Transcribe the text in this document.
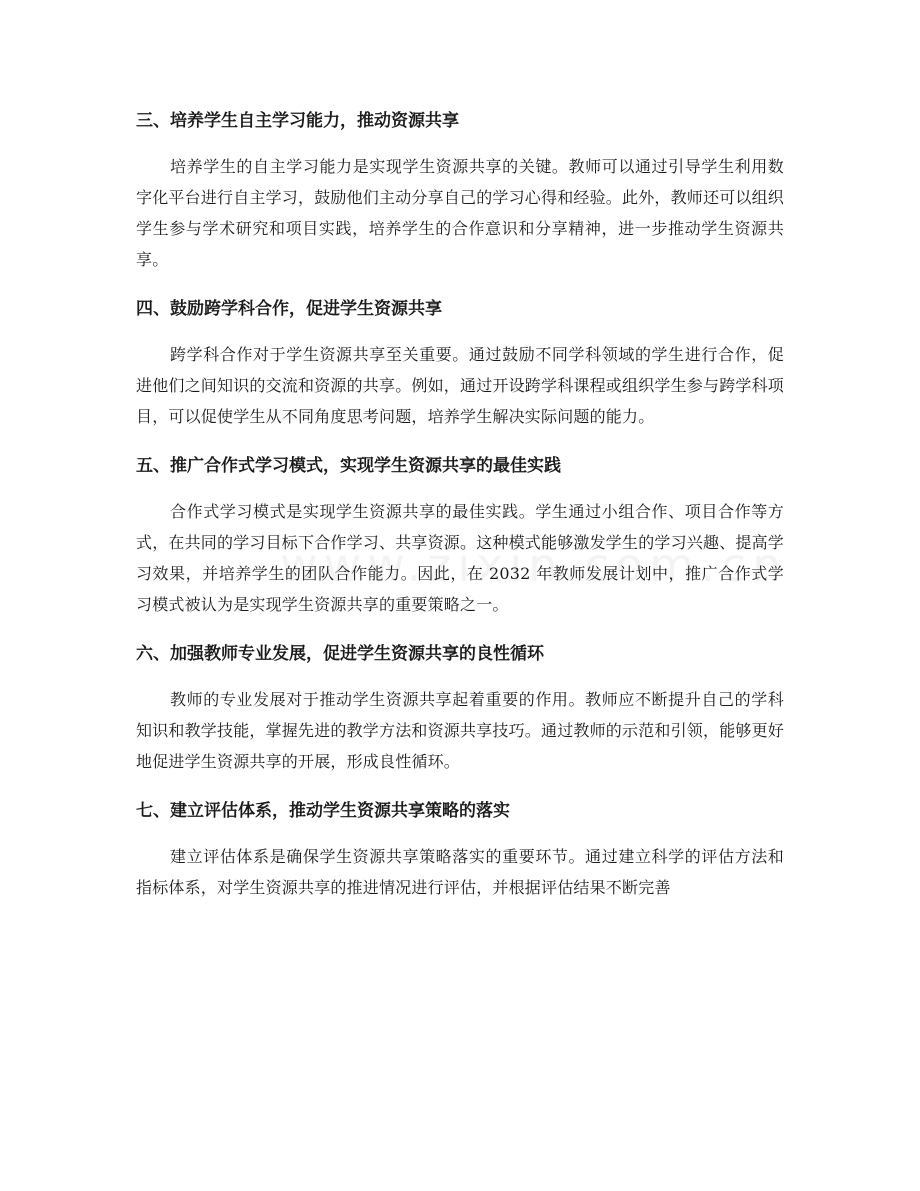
三、培养学生自主学习能力，推动资源共享

培养学生的自主学习能力是实现学生资源共享的关键。教师可以通过引导学生利用数字化平台进行自主学习，鼓励他们主动分享自己的学习心得和经验。此外，教师还可以组织学生参与学术研究和项目实践，培养学生的合作意识和分享精神，进一步推动学生资源共享。

四、鼓励跨学科合作，促进学生资源共享

跨学科合作对于学生资源共享至关重要。通过鼓励不同学科领域的学生进行合作，促进他们之间知识的交流和资源的共享。例如，通过开设跨学科课程或组织学生参与跨学科项目，可以促使学生从不同角度思考问题，培养学生解决实际问题的能力。

五、推广合作式学习模式，实现学生资源共享的最佳实践

合作式学习模式是实现学生资源共享的最佳实践。学生通过小组合作、项目合作等方式，在共同的学习目标下合作学习、共享资源。这种模式能够激发学生的学习兴趣、提高学习效果，并培养学生的团队合作能力。因此，在 2032 年教师发展计划中，推广合作式学习模式被认为是实现学生资源共享的重要策略之一。

六、加强教师专业发展，促进学生资源共享的良性循环

教师的专业发展对于推动学生资源共享起着重要的作用。教师应不断提升自己的学科知识和教学技能，掌握先进的教学方法和资源共享技巧。通过教师的示范和引领，能够更好地促进学生资源共享的开展，形成良性循环。

七、建立评估体系，推动学生资源共享策略的落实

建立评估体系是确保学生资源共享策略落实的重要环节。通过建立科学的评估方法和指标体系，对学生资源共享的推进情况进行评估，并根据评估结果不断完善
